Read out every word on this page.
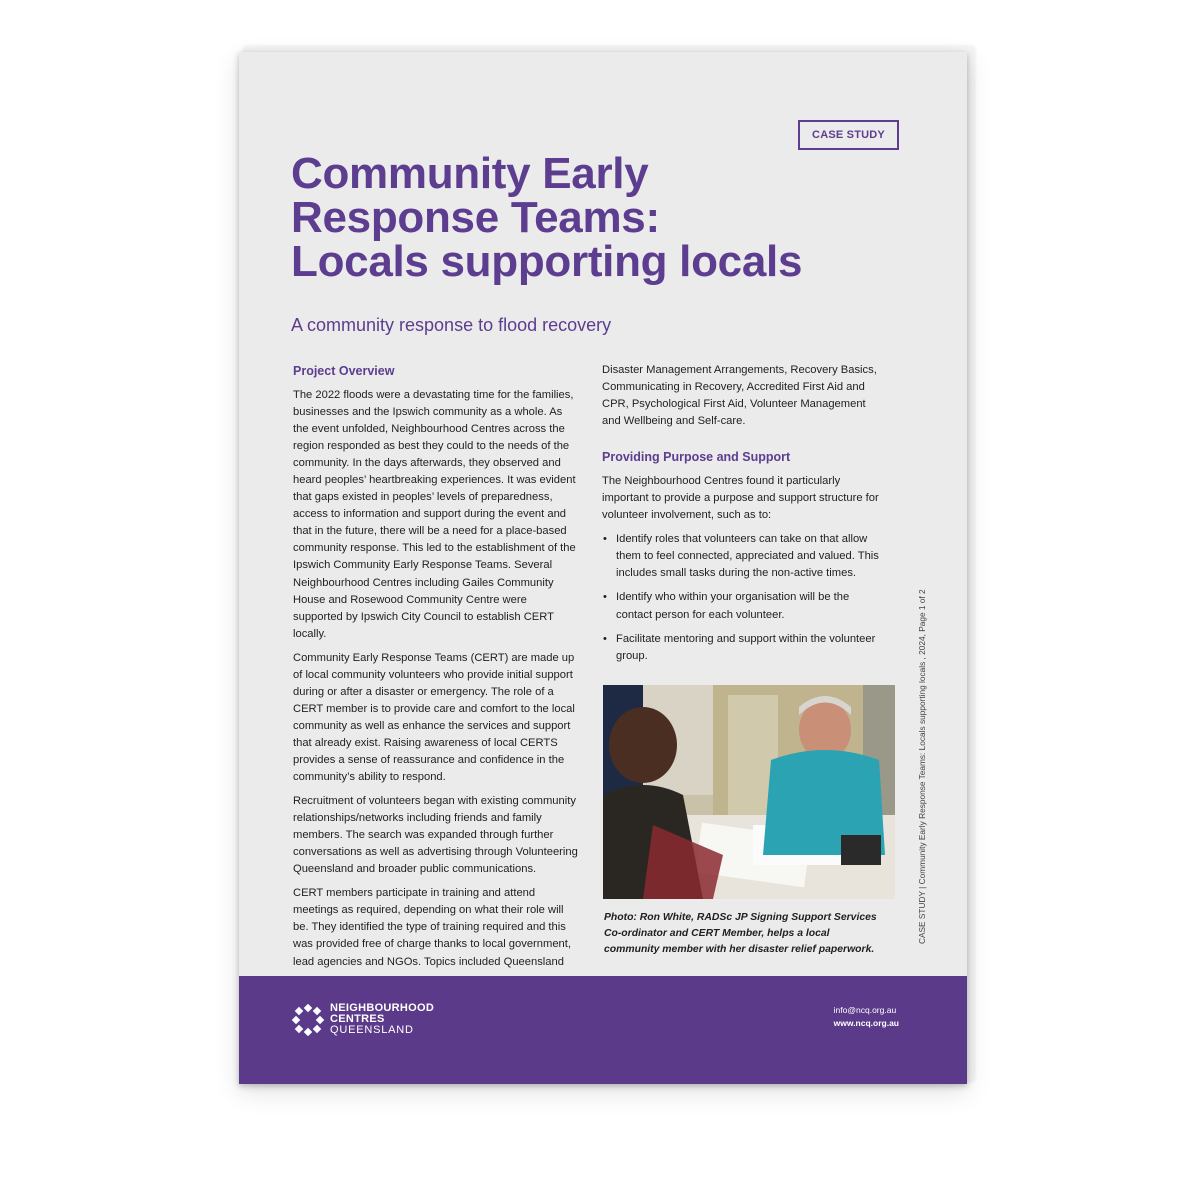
CASE STUDY
Community Early
Response Teams:
Locals supporting locals

A community response to flood recovery

Project Overview

The 2022 floods were a devastating time for the families, businesses and the Ipswich community as a whole. As the event unfolded, Neighbourhood Centres across the region responded as best they could to the needs of the community. In the days afterwards, they observed and heard peoples’ heartbreaking experiences. It was evident that gaps existed in peoples’ levels of preparedness, access to information and support during the event and that in the future, there will be a need for a place-based community response. This led to the establishment of the Ipswich Community Early Response Teams. Several Neighbourhood Centres including Gailes Community House and Rosewood Community Centre were supported by Ipswich City Council to establish CERT locally.

Community Early Response Teams (CERT) are made up of local community volunteers who provide initial support during or after a disaster or emergency. The role of a CERT member is to provide care and comfort to the local community as well as enhance the services and support that already exist. Raising awareness of local CERTS provides a sense of reassurance and confidence in the community’s ability to respond.

Recruitment of volunteers began with existing community relationships/networks including friends and family members. The search was expanded through further conversations as well as advertising through Volunteering Queensland and broader public communications.

CERT members participate in training and attend meetings as required, depending on what their role will be. They identified the type of training required and this was provided free of charge thanks to local government, lead agencies and NGOs. Topics included Queensland

Disaster Management Arrangements, Recovery Basics, Communicating in Recovery, Accredited First Aid and CPR, Psychological First Aid, Volunteer Management and Wellbeing and Self-care.

Providing Purpose and Support

The Neighbourhood Centres found it particularly important to provide a purpose and support structure for volunteer involvement, such as to:

• Identify roles that volunteers can take on that allow them to feel connected, appreciated and valued. This includes small tasks during the non-active times.
• Identify who within your organisation will be the contact person for each volunteer.
• Facilitate mentoring and support within the volunteer group.

Photo: Ron White, RADSc JP Signing Support Services Co-ordinator and CERT Member, helps a local community member with her disaster relief paperwork.

CASE STUDY | Community Early Response Teams: Locals supporting locals , 2024, Page 1 of 2
NEIGHBOURHOOD
CENTRES
QUEENSLAND
info@ncq.org.au
www.ncq.org.au
